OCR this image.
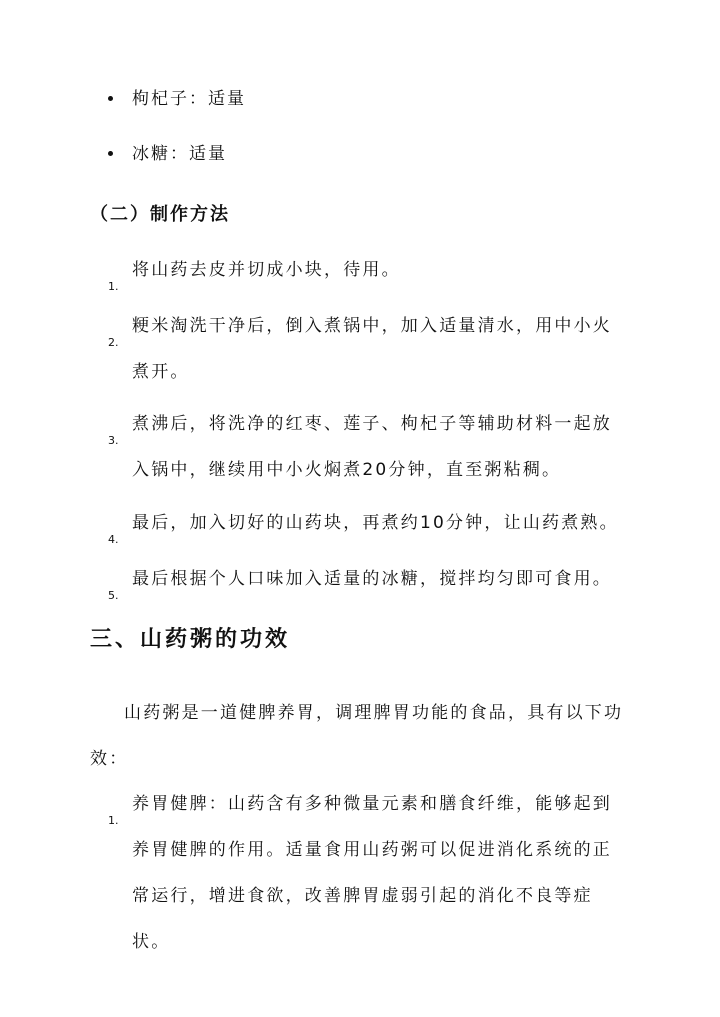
枸杞子：适量
冰糖：适量
（二）制作方法
1.
将山药去皮并切成小块，待用。
2.
粳米淘洗干净后，倒入煮锅中，加入适量清水，用中小火煮开。
3.
煮沸后，将洗净的红枣、莲子、枸杞子等辅助材料一起放入锅中，继续用中小火焖煮20分钟，直至粥粘稠。
4.
最后，加入切好的山药块，再煮约10分钟，让山药煮熟。
5.
最后根据个人口味加入适量的冰糖，搅拌均匀即可食用。
三、山药粥的功效
山药粥是一道健脾养胃，调理脾胃功能的食品，具有以下功效：
1.
养胃健脾：山药含有多种微量元素和膳食纤维，能够起到养胃健脾的作用。适量食用山药粥可以促进消化系统的正常运行，增进食欲，改善脾胃虚弱引起的消化不良等症状。
